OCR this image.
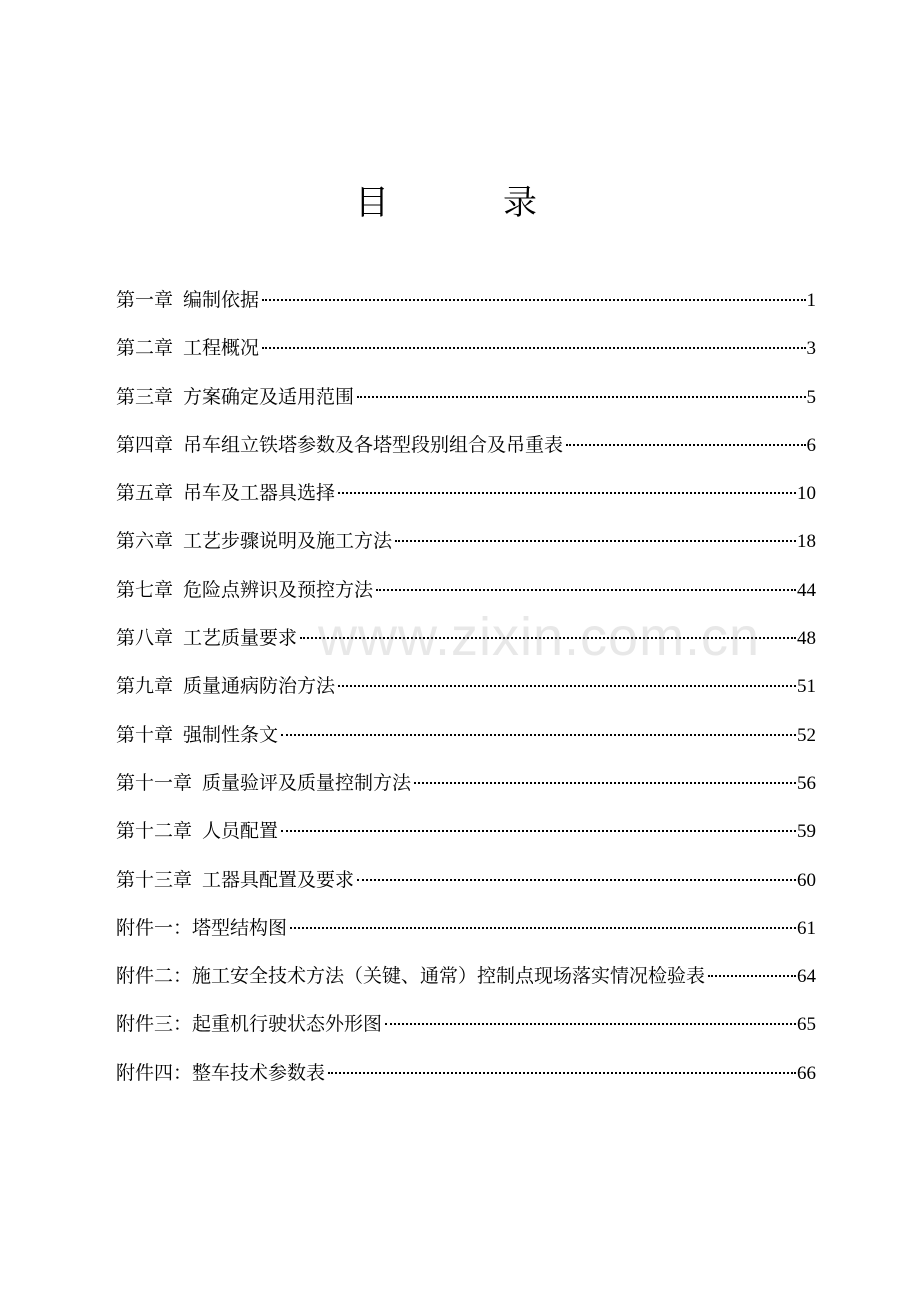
目　录
第一章 编制依据	1
第二章 工程概况	3
第三章 方案确定及适用范围	5
第四章 吊车组立铁塔参数及各塔型段别组合及吊重表	6
第五章 吊车及工器具选择	10
第六章 工艺步骤说明及施工方法	18
第七章 危险点辨识及预控方法	44
第八章 工艺质量要求	48
第九章 质量通病防治方法	51
第十章 强制性条文	52
第十一章 质量验评及质量控制方法	56
第十二章 人员配置	59
第十三章 工器具配置及要求	60
附件一：塔型结构图	61
附件二：施工安全技术方法（关键、通常）控制点现场落实情况检验表	64
附件三：起重机行驶状态外形图	65
附件四：整车技术参数表	66
www.zixin.com.cn
